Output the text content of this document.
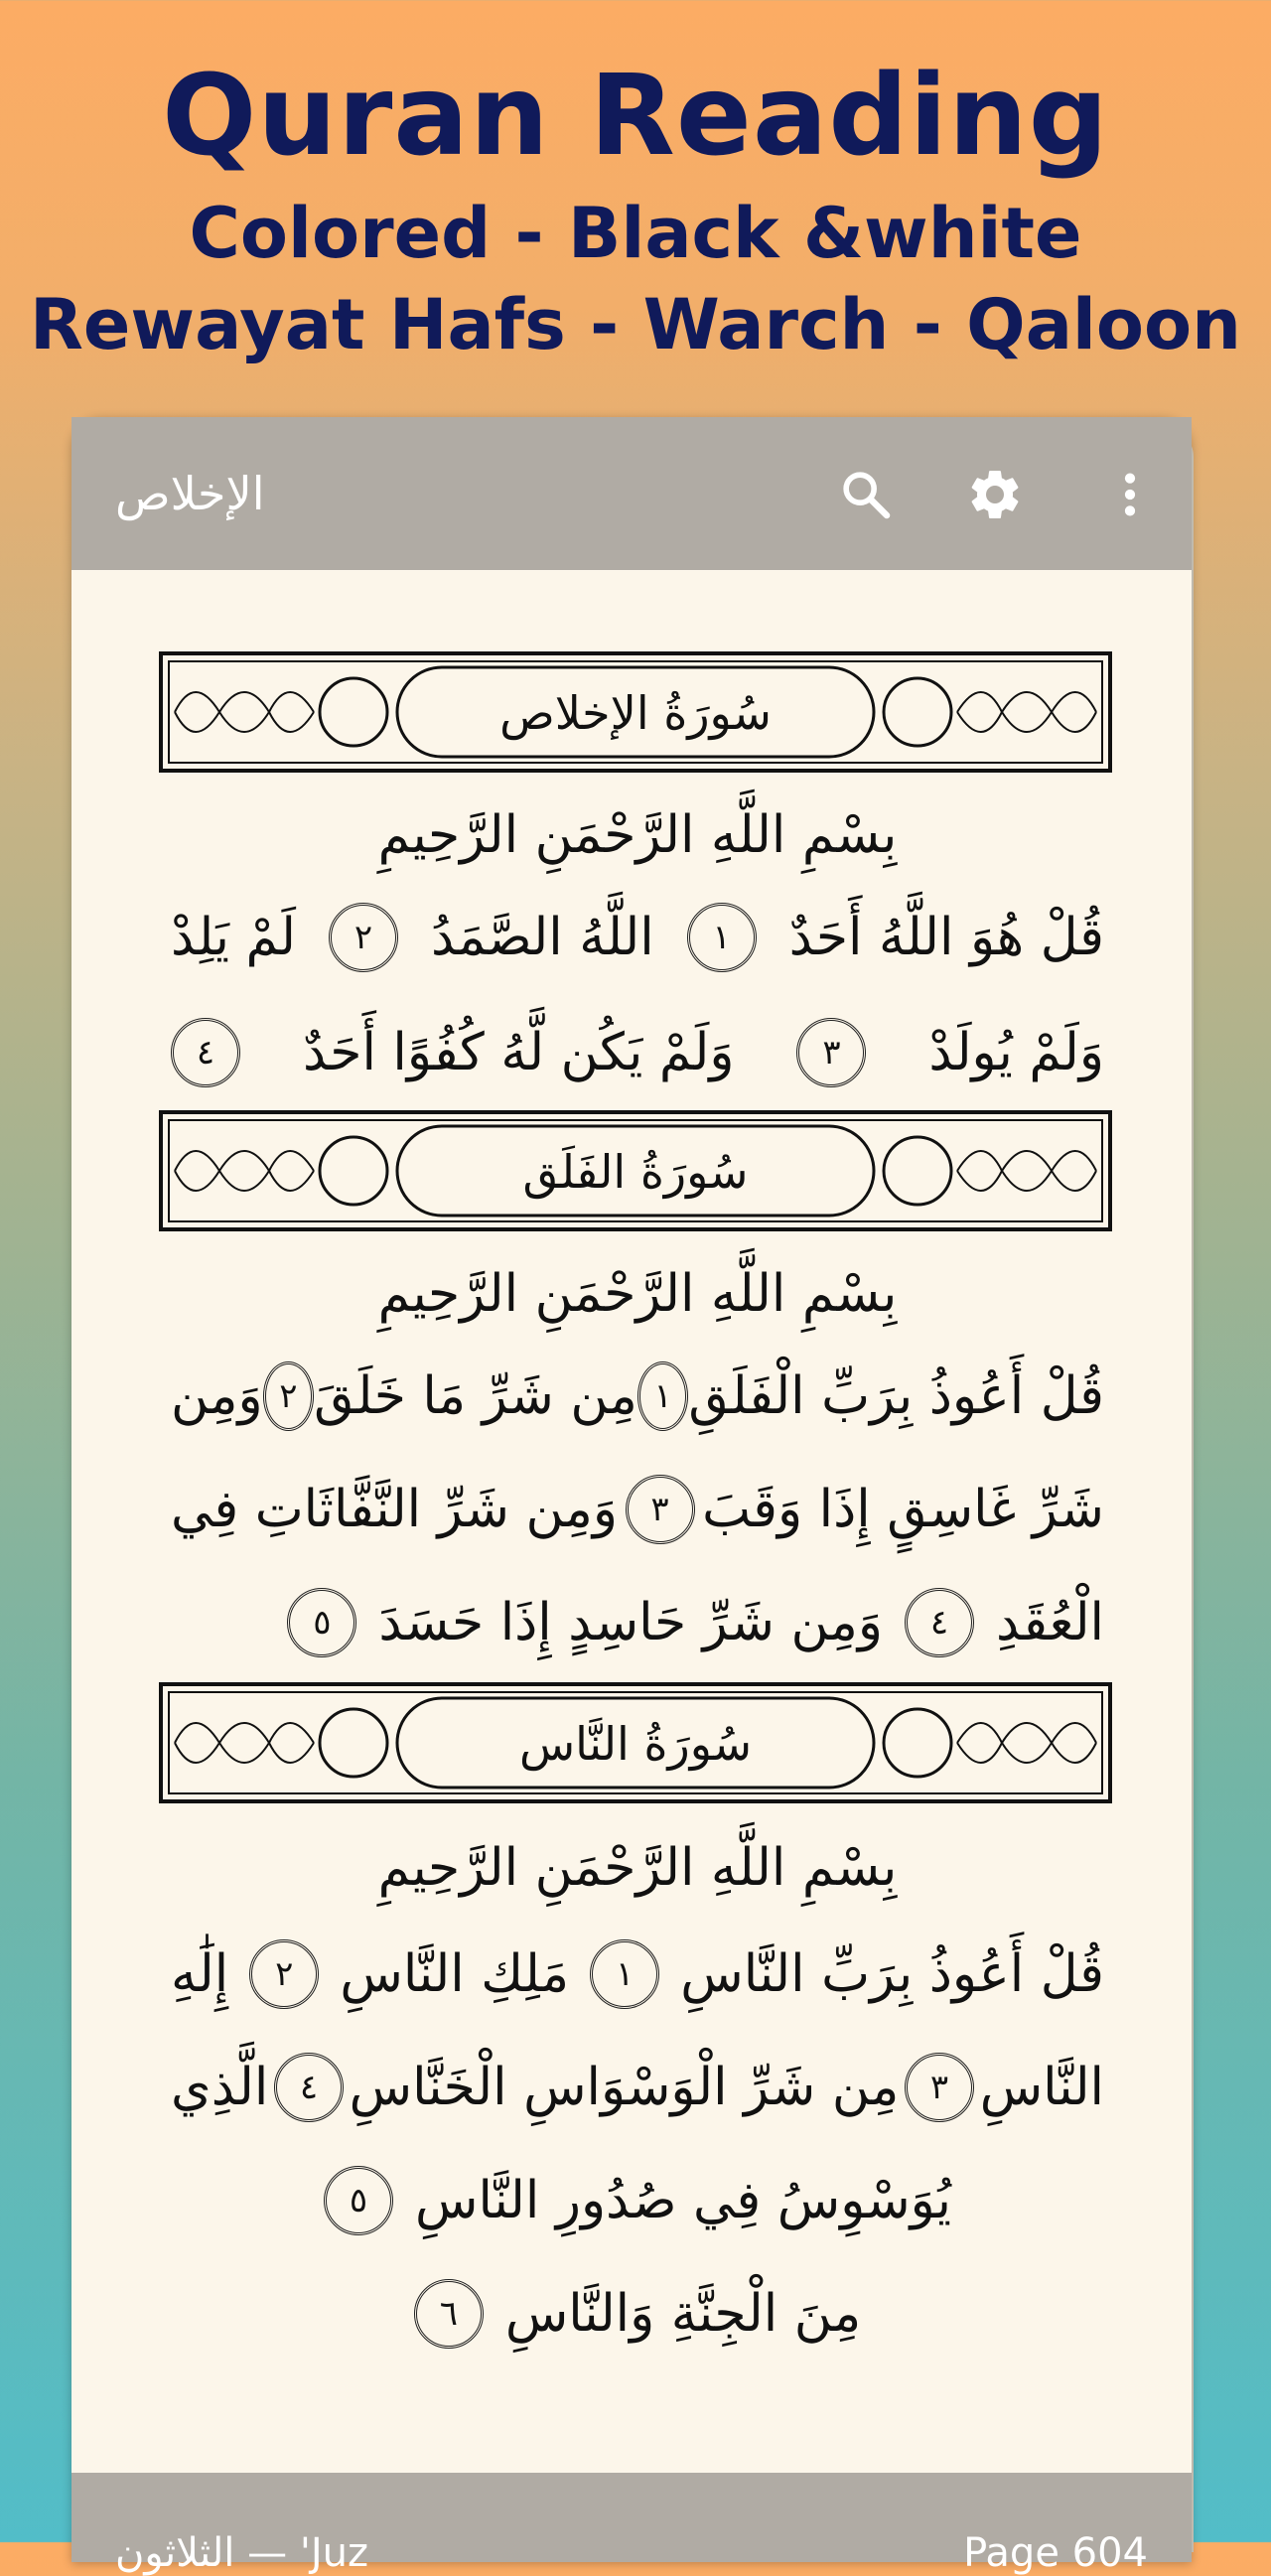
Quran Reading
Colored - Black &white
Rewayat Hafs - Warch - Qaloon
الإخلاص
سُورَةُ الإخلاص
بِسْمِ اللَّهِ الرَّحْمَنِ الرَّحِيمِ
قُلْ هُوَ اللَّهُ أَحَدٌ
١
اللَّهُ الصَّمَدُ
٢
لَمْ يَلِدْ
وَلَمْ يُولَدْ
٣
وَلَمْ يَكُن لَّهُ كُفُوًا أَحَدٌ
٤
سُورَةُ الفَلَق
بِسْمِ اللَّهِ الرَّحْمَنِ الرَّحِيمِ
قُلْ أَعُوذُ بِرَبِّ الْفَلَقِ
١
مِن شَرِّ مَا خَلَقَ
٢
وَمِن
شَرِّ غَاسِقٍ إِذَا وَقَبَ
٣
وَمِن شَرِّ النَّفَّاثَاتِ فِي
الْعُقَدِ
٤
وَمِن شَرِّ حَاسِدٍ إِذَا حَسَدَ
٥
سُورَةُ النَّاس
بِسْمِ اللَّهِ الرَّحْمَنِ الرَّحِيمِ
قُلْ أَعُوذُ بِرَبِّ النَّاسِ
١
مَلِكِ النَّاسِ
٢
إِلَٰهِ
النَّاسِ
٣
مِن شَرِّ الْوَسْوَاسِ الْخَنَّاسِ
٤
الَّذِي
يُوَسْوِسُ فِي صُدُورِ النَّاسِ
٥
مِنَ الْجِنَّةِ وَالنَّاسِ
٦
Juz' — الثلاثون	Page 604
